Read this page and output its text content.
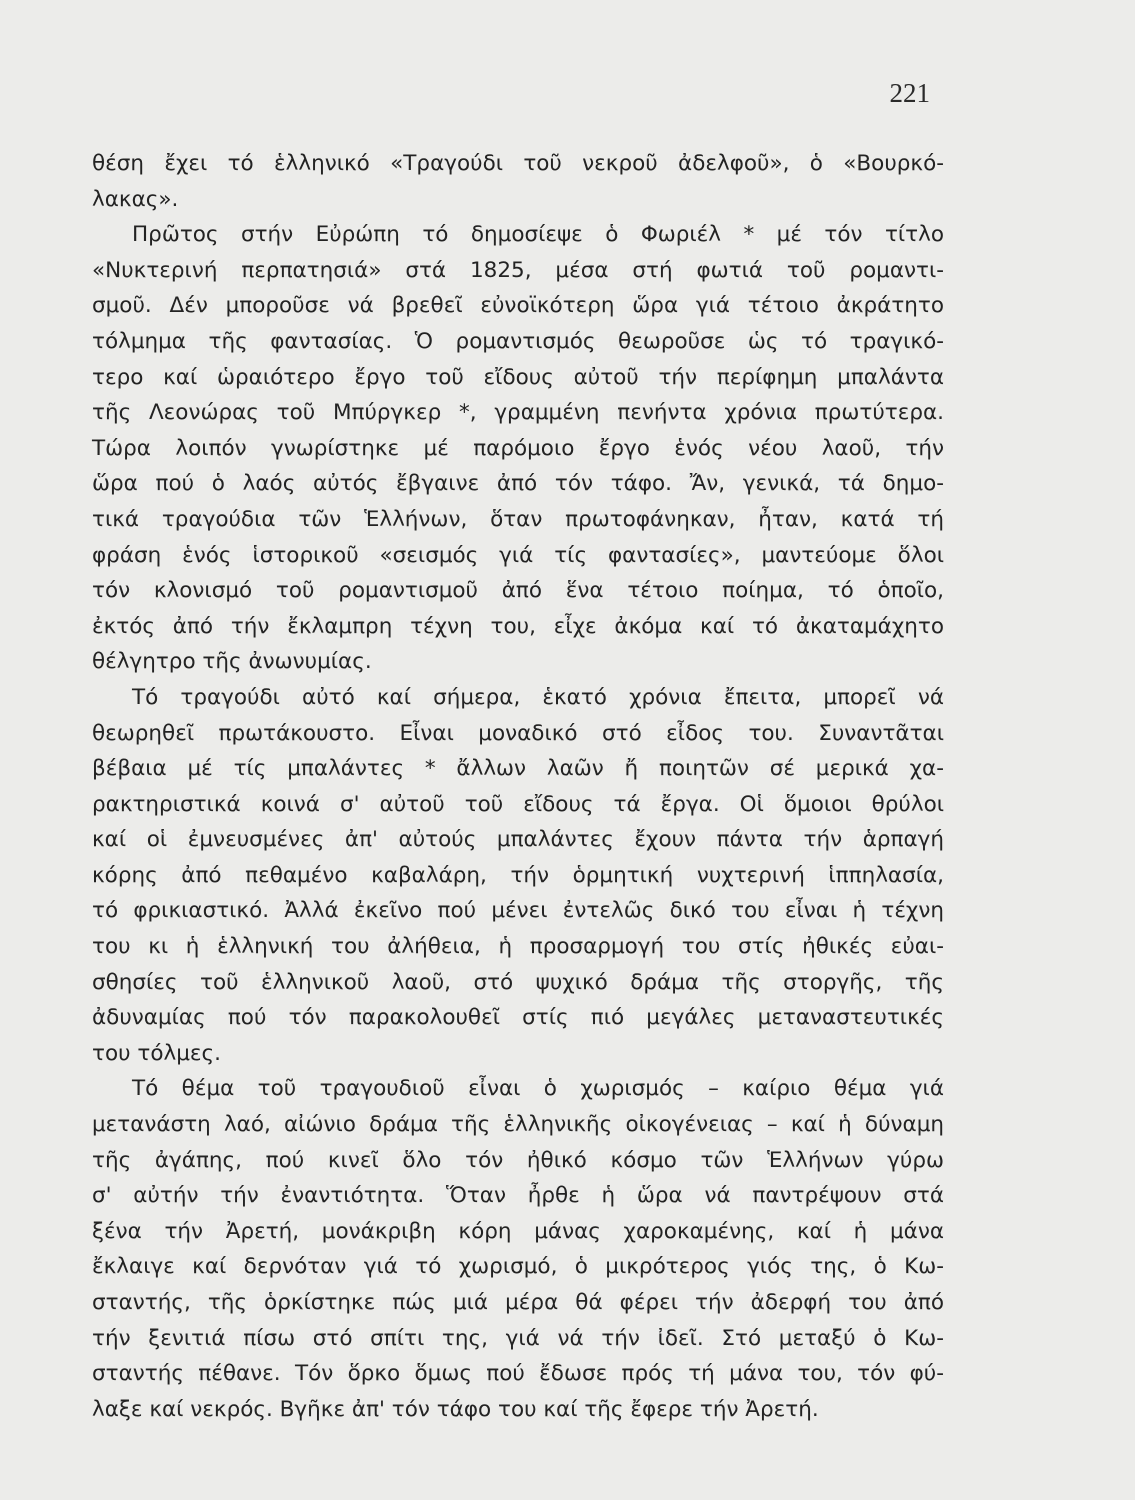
221
θέση ἔχει τό ἑλληνικό «Τραγούδι τοῦ νεκροῦ ἀδελφοῦ», ὁ «Βουρκό-
λακας».
Πρῶτος στήν Εὐρώπη τό δημοσίεψε ὁ Φωριέλ * μέ τόν τίτλο
«Νυκτερινή περπατησιά» στά 1825, μέσα στή φωτιά τοῦ ρομαντι-
σμοῦ. Δέν μποροῦσε νά βρεθεῖ εὐνοϊκότερη ὥρα γιά τέτοιο ἀκράτητο
τόλμημα τῆς φαντασίας. Ὁ ρομαντισμός θεωροῦσε ὡς τό τραγικό-
τερο καί ὡραιότερο ἔργο τοῦ εἴδους αὐτοῦ τήν περίφημη μπαλάντα
τῆς Λεονώρας τοῦ Μπύργκερ *, γραμμένη πενήντα χρόνια πρωτύτερα.
Τώρα λοιπόν γνωρίστηκε μέ παρόμοιο ἔργο ἑνός νέου λαοῦ, τήν
ὥρα πού ὁ λαός αὐτός ἔβγαινε ἀπό τόν τάφο. Ἄν, γενικά, τά δημο-
τικά τραγούδια τῶν Ἑλλήνων, ὅταν πρωτοφάνηκαν, ἦταν, κατά τή
φράση ἑνός ἱστορικοῦ «σεισμός γιά τίς φαντασίες», μαντεύομε ὅλοι
τόν κλονισμό τοῦ ρομαντισμοῦ ἀπό ἕνα τέτοιο ποίημα, τό ὁποῖο,
ἐκτός ἀπό τήν ἔκλαμπρη τέχνη του, εἶχε ἀκόμα καί τό ἀκαταμάχητο
θέλγητρο τῆς ἀνωνυμίας.
Τό τραγούδι αὐτό καί σήμερα, ἑκατό χρόνια ἔπειτα, μπορεῖ νά
θεωρηθεῖ πρωτάκουστο. Εἶναι μοναδικό στό εἶδος του. Συναντᾶται
βέβαια μέ τίς μπαλάντες * ἄλλων λαῶν ἤ ποιητῶν σέ μερικά χα-
ρακτηριστικά κοινά σ' αὐτοῦ τοῦ εἴδους τά ἔργα. Οἱ ὅμοιοι θρύλοι
καί οἱ ἐμνευσμένες ἀπ' αὐτούς μπαλάντες ἔχουν πάντα τήν ἁρπαγή
κόρης ἀπό πεθαμένο καβαλάρη, τήν ὁρμητική νυχτερινή ἱππηλασία,
τό φρικιαστικό. Ἀλλά ἐκεῖνο πού μένει ἐντελῶς δικό του εἶναι ἡ τέχνη
του κι ἡ ἑλληνική του ἀλήθεια, ἡ προσαρμογή του στίς ἠθικές εὐαι-
σθησίες τοῦ ἑλληνικοῦ λαοῦ, στό ψυχικό δράμα τῆς στοργῆς, τῆς
ἀδυναμίας πού τόν παρακολουθεῖ στίς πιό μεγάλες μεταναστευτικές
του τόλμες.
Τό θέμα τοῦ τραγουδιοῦ εἶναι ὁ χωρισμός – καίριο θέμα γιά
μετανάστη λαό, αἰώνιο δράμα τῆς ἑλληνικῆς οἰκογένειας – καί ἡ δύναμη
τῆς ἀγάπης, πού κινεῖ ὅλο τόν ἠθικό κόσμο τῶν Ἑλλήνων γύρω
σ' αὐτήν τήν ἐναντιότητα. Ὅταν ἦρθε ἡ ὥρα νά παντρέψουν στά
ξένα τήν Ἀρετή, μονάκριβη κόρη μάνας χαροκαμένης, καί ἡ μάνα
ἔκλαιγε καί δερνόταν γιά τό χωρισμό, ὁ μικρότερος γιός της, ὁ Κω-
σταντής, τῆς ὁρκίστηκε πώς μιά μέρα θά φέρει τήν ἀδερφή του ἀπό
τήν ξενιτιά πίσω στό σπίτι της, γιά νά τήν ἰδεῖ. Στό μεταξύ ὁ Κω-
σταντής πέθανε. Τόν ὅρκο ὅμως πού ἔδωσε πρός τή μάνα του, τόν φύ-
λαξε καί νεκρός. Βγῆκε ἀπ' τόν τάφο του καί τῆς ἔφερε τήν Ἀρετή.
